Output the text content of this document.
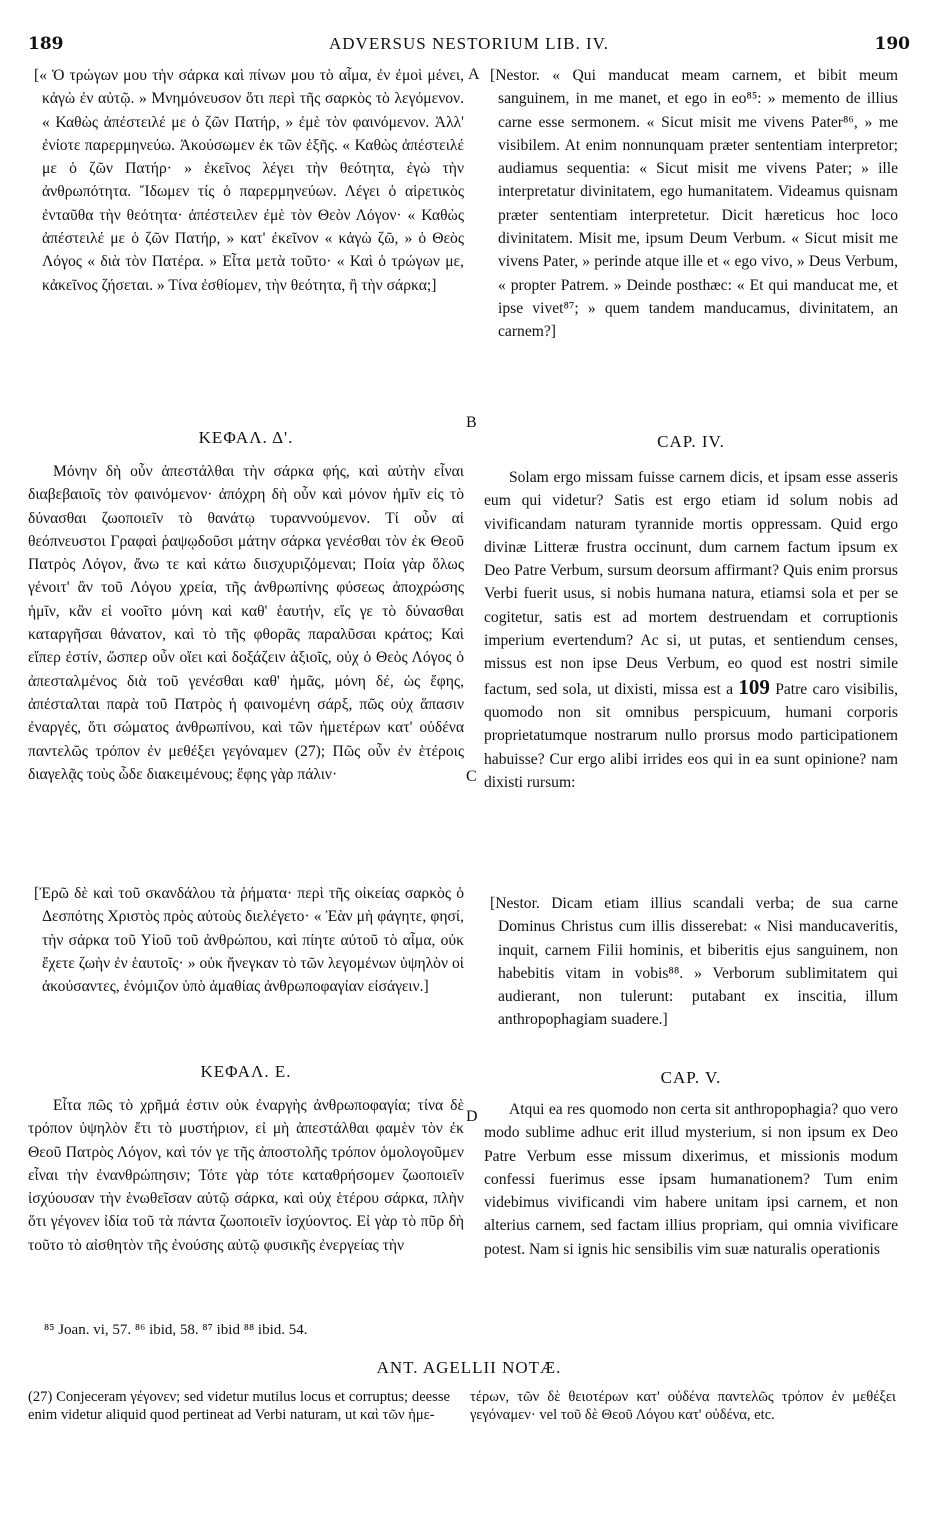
189	ADVERSUS NESTORIUM LIB. IV.	190

[« Ὁ τρώγων μου τὴν σάρκα καὶ πίνων μου τὸ αἷμα, ἐν ἐμοὶ μένει, κἀγὼ ἐν αὐτῷ. » Μνημόνευσον ὅτι περὶ τῆς σαρκὸς τὸ λεγόμενον. « Καθὼς ἀπέστειλέ με ὁ ζῶν Πατήρ, » ἐμὲ τὸν φαινόμενον. Ἀλλ' ἐνίοτε παρερμηνεύω. Ἀκούσωμεν ἐκ τῶν ἑξῆς. « Καθὼς ἀπέστειλέ με ὁ ζῶν Πατήρ· » ἐκεῖνος λέγει τὴν θεότητα, ἐγὼ τὴν ἀνθρωπότητα. Ἴδωμεν τίς ὁ παρερμηνεύων. Λέγει ὁ αἱρετικὸς ἐνταῦθα τὴν θεότητα· ἀπέστειλεν ἐμὲ τὸν Θεὸν Λόγον· « Καθὼς ἀπέστειλέ με ὁ ζῶν Πατήρ, » κατ' ἐκεῖνον « κἀγὼ ζῶ, » ὁ Θεὸς Λόγος « διὰ τὸν Πατέρα. » Εἶτα μετὰ τοῦτο· « Καὶ ὁ τρώγων με, κἀκεῖνος ζήσεται. » Τίνα ἐσθίομεν, τὴν θεότητα, ἢ τὴν σάρκα;]

ΚΕΦΑΛ. Δ'.

Μόνην δὴ οὖν ἀπεστάλθαι τὴν σάρκα φής, καὶ αὐτὴν εἶναι διαβεβαιοῖς τὸν φαινόμενον· ἀπόχρη δὴ οὖν καὶ μόνον ἡμῖν εἰς τὸ δύνασθαι ζωοποιεῖν τὸ θανάτῳ τυραννούμενον. Τί οὖν αἱ θεόπνευστοι Γραφαὶ ῥαψῳδοῦσι μάτην σάρκα γενέσθαι τὸν ἐκ Θεοῦ Πατρὸς Λόγον, ἄνω τε καὶ κάτω διισχυριζόμεναι; Ποία γὰρ ὅλως γένοιτ' ἂν τοῦ Λόγου χρεία, τῆς ἀνθρωπίνης φύσεως ἀποχρώσης ἡμῖν, κἂν εἰ νοοῖτο μόνη καὶ καθ' ἑαυτήν, εἴς γε τὸ δύνασθαι καταργῆσαι θάνατον, καὶ τὸ τῆς φθορᾶς παραλῦσαι κράτος; Καὶ εἴπερ ἐστίν, ὥσπερ οὖν οἴει καὶ δοξάζειν ἀξιοῖς, οὐχ ὁ Θεὸς Λόγος ὁ ἀπεσταλμένος διὰ τοῦ γενέσθαι καθ' ἡμᾶς, μόνη δέ, ὡς ἔφης, ἀπέσταλται παρὰ τοῦ Πατρὸς ἡ φαινομένη σάρξ, πῶς οὐχ ἅπασιν ἐναργές, ὅτι σώματος ἀνθρωπίνου, καὶ τῶν ἡμετέρων κατ' οὐδένα παντελῶς τρόπον ἐν μεθέξει γεγόναμεν (27); Πῶς οὖν ἐν ἑτέροις διαγελᾷς τοὺς ὧδε διακειμένους; ἔφης γὰρ πάλιν·

[Ἐρῶ δὲ καὶ τοῦ σκανδάλου τὰ ῥήματα· περὶ τῆς οἰκείας σαρκὸς ὁ Δεσπότης Χριστὸς πρὸς αὐτοὺς διελέγετο· « Ἐὰν μὴ φάγητε, φησί, τὴν σάρκα τοῦ Υἱοῦ τοῦ ἀνθρώπου, καὶ πίητε αὐτοῦ τὸ αἷμα, οὐκ ἔχετε ζωὴν ἐν ἑαυτοῖς· » οὐκ ἤνεγκαν τὸ τῶν λεγομένων ὑψηλὸν οἱ ἀκούσαντες, ἐνόμιζον ὑπὸ ἀμαθίας ἀνθρωποφαγίαν εἰσάγειν.]

ΚΕΦΑΛ. Ε.

Εἶτα πῶς τὸ χρῆμά ἐστιν οὐκ ἐναργὴς ἀνθρωποφαγία; τίνα δὲ τρόπον ὑψηλὸν ἔτι τὸ μυστήριον, εἰ μὴ ἀπεστάλθαι φαμὲν τὸν ἐκ Θεοῦ Πατρὸς Λόγον, καὶ τόν γε τῆς ἀποστολῆς τρόπον ὁμολογοῦμεν εἶναι τὴν ἐνανθρώπησιν; Τότε γὰρ τότε καταθρήσομεν ζωοποιεῖν ἰσχύουσαν τὴν ἑνωθεῖσαν αὐτῷ σάρκα, καὶ οὐχ ἑτέρου σάρκα, πλὴν ὅτι γέγονεν ἰδία τοῦ τὰ πάντα ζωοποιεῖν ἰσχύοντος. Εἰ γὰρ τὸ πῦρ δὴ τοῦτο τὸ αἰσθητὸν τῆς ἐνούσης αὐτῷ φυσικῆς ἐνεργείας τὴν

A
B
C
D

[Nestor. « Qui manducat meam carnem, et bibit meum sanguinem, in me manet, et ego in eo⁸⁵: » memento de illius carne esse sermonem. « Sicut misit me vivens Pater⁸⁶, » me visibilem. At enim nonnunquam præter sententiam interpretor; audiamus sequentia: « Sicut misit me vivens Pater; » ille interpretatur divinitatem, ego humanitatem. Videamus quisnam præter sententiam interpretetur. Dicit hæreticus hoc loco divinitatem. Misit me, ipsum Deum Verbum. « Sicut misit me vivens Pater, » perinde atque ille et « ego vivo, » Deus Verbum, « propter Patrem. » Deinde posthæc: « Et qui manducat me, et ipse vivet⁸⁷; » quem tandem manducamus, divinitatem, an carnem?]

CAP. IV.

Solam ergo missam fuisse carnem dicis, et ipsam esse asseris eum qui videtur? Satis est ergo etiam id solum nobis ad vivificandam naturam tyrannide mortis oppressam. Quid ergo divinæ Litteræ frustra occinunt, dum carnem factum ipsum ex Deo Patre Verbum, sursum deorsum affirmant? Quis enim prorsus Verbi fuerit usus, si nobis humana natura, etiamsi sola et per se cogitetur, satis est ad mortem destruendam et corruptionis imperium evertendum? Ac si, ut putas, et sentiendum censes, missus est non ipse Deus Verbum, eo quod est nostri simile factum, sed sola, ut dixisti, missa est a 109 Patre caro visibilis, quomodo non sit omnibus perspicuum, humani corporis proprietatumque nostrarum nullo prorsus modo participationem habuisse? Cur ergo alibi irrides eos qui in ea sunt opinione? nam dixisti rursum:

[Nestor. Dicam etiam illius scandali verba; de sua carne Dominus Christus cum illis disserebat: « Nisi manducaveritis, inquit, carnem Filii hominis, et biberitis ejus sanguinem, non habebitis vitam in vobis⁸⁸. » Verborum sublimitatem qui audierant, non tulerunt: putabant ex inscitia, illum anthropophagiam suadere.]

CAP. V.

Atqui ea res quomodo non certa sit anthropophagia? quo vero modo sublime adhuc erit illud mysterium, si non ipsum ex Deo Patre Verbum esse missum dixerimus, et missionis modum confessi fuerimus esse ipsam humanationem? Tum enim videbimus vivificandi vim habere unitam ipsi carnem, et non alterius carnem, sed factam illius propriam, qui omnia vivificare potest. Nam si ignis hic sensibilis vim suæ naturalis operationis

⁸⁵ Joan. vi, 57. ⁸⁶ ibid, 58. ⁸⁷ ibid ⁸⁸ ibid. 54.
ANT. AGELLII NOTÆ.

(27) Conjeceram γέγονεν; sed videtur mutilus locus et corruptus; deesse enim videtur aliquid quod pertineat ad Verbi naturam, ut καὶ τῶν ἡμε-

τέρων, τῶν δὲ θειοτέρων κατ' οὐδένα παντελῶς τρόπον ἐν μεθέξει γεγόναμεν· vel τοῦ δὲ Θεοῦ Λόγου κατ' οὐδένα, etc.
